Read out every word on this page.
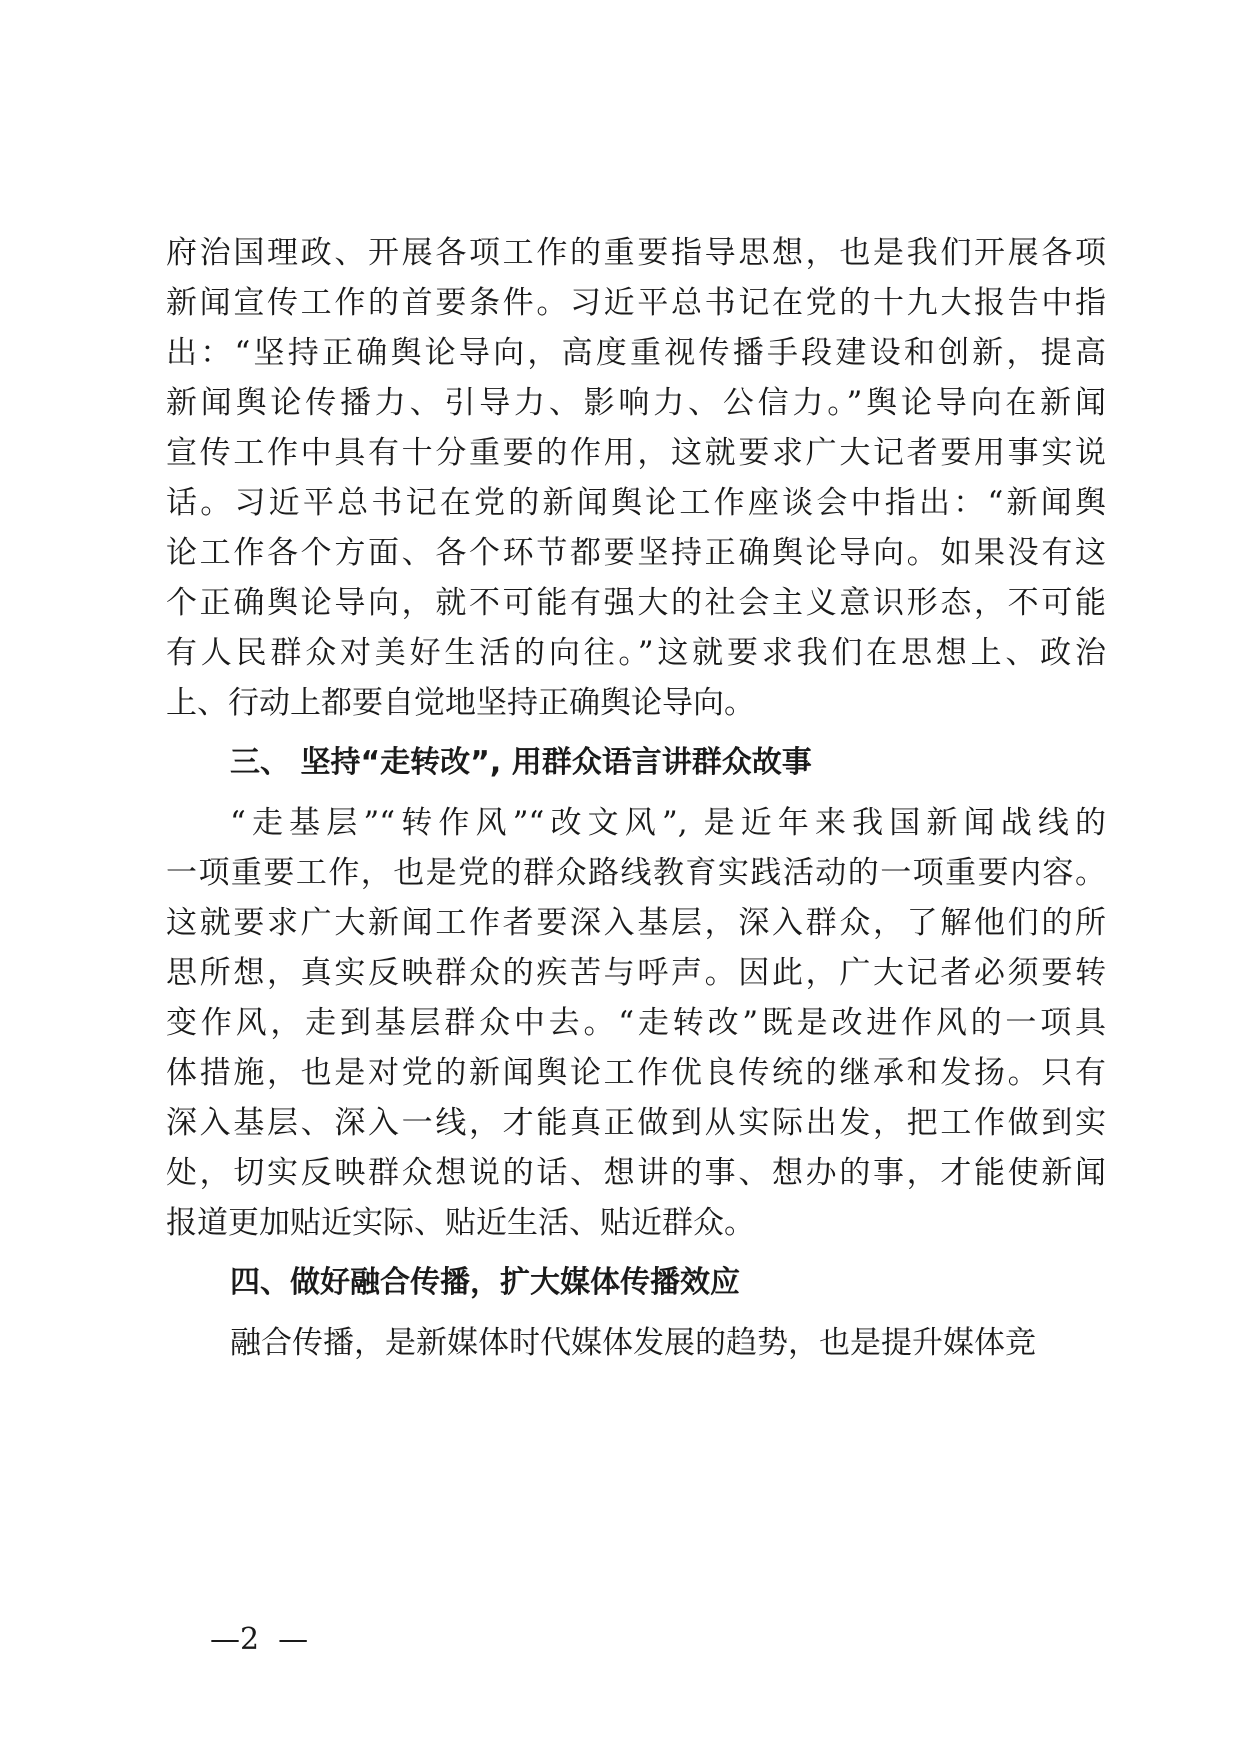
府治国理政、开展各项工作的重要指导思想，也是我们开展各项

新闻宣传工作的首要条件。习近平总书记在党的十九大报告中指

出：“坚持正确舆论导向，高度重视传播手段建设和创新，提高

新闻舆论传播力、引导力、影响力、公信力。”舆论导向在新闻

宣传工作中具有十分重要的作用，这就要求广大记者要用事实说

话。习近平总书记在党的新闻舆论工作座谈会中指出：“新闻舆

论工作各个方面、各个环节都要坚持正确舆论导向。如果没有这

个正确舆论导向，就不可能有强大的社会主义意识形态，不可能

有人民群众对美好生活的向往。”这就要求我们在思想上、政治

上、行动上都要自觉地坚持正确舆论导向。

三、 坚持“走转改”, 用群众语言讲群众故事

“走基层”“转作风”“改文风”, 是近年来我国新闻战线的

一项重要工作，也是党的群众路线教育实践活动的一项重要内容。

这就要求广大新闻工作者要深入基层，深入群众，了解他们的所

思所想，真实反映群众的疾苦与呼声。因此，广大记者必须要转

变作风，走到基层群众中去。“走转改”既是改进作风的一项具

体措施，也是对党的新闻舆论工作优良传统的继承和发扬。只有

深入基层、深入一线，才能真正做到从实际出发，把工作做到实

处，切实反映群众想说的话、想讲的事、想办的事，才能使新闻

报道更加贴近实际、贴近生活、贴近群众。

四、做好融合传播，扩大媒体传播效应

融合传播，是新媒体时代媒体发展的趋势，也是提升媒体竞

—2  —
